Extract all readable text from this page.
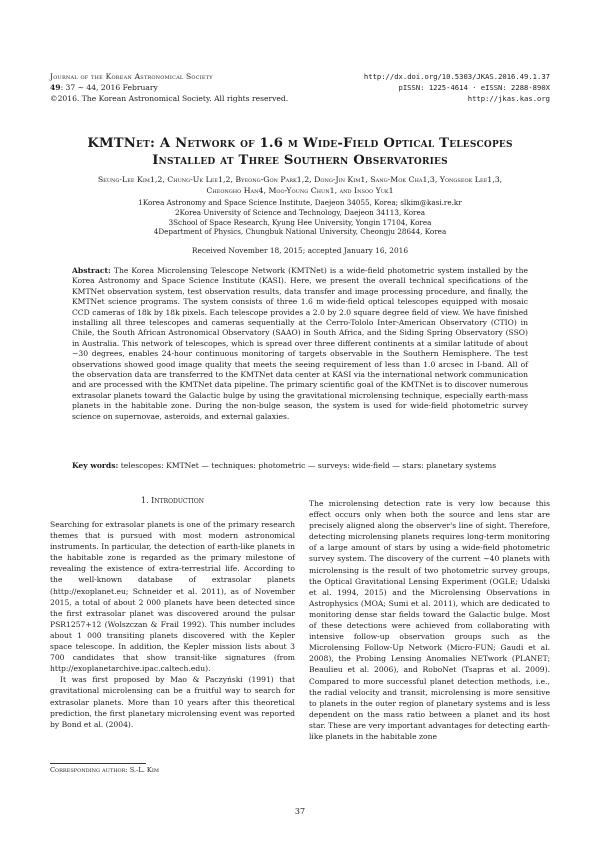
Journal of the Korean Astronomical Society
49: 37 ∼ 44, 2016 February
©2016. The Korean Astronomical Society. All rights reserved.
http://dx.doi.org/10.5303/JKAS.2016.49.1.37
pISSN: 1225-4614 · eISSN: 2288-890X
http://jkas.kas.org
KMTNet: A Network of 1.6 m Wide-Field Optical Telescopes
Installed at Three Southern Observatories
Seung-Lee Kim1,2, Chung-Uk Lee1,2, Byeong-Gon Park1,2, Dong-Jin Kim1, Sang-Mok Cha1,3, Yongseok Lee1,3,
Cheongho Han4, Moo-Young Chun1, and Insoo Yuk1
1Korea Astronomy and Space Science Institute, Daejeon 34055, Korea; slkim@kasi.re.kr
2Korea University of Science and Technology, Daejeon 34113, Korea
3School of Space Research, Kyung Hee University, Yongin 17104, Korea
4Department of Physics, Chungbuk National University, Cheongju 28644, Korea
Received November 18, 2015; accepted January 16, 2016
Abstract: The Korea Microlensing Telescope Network (KMTNet) is a wide-field photometric system installed by the Korea Astronomy and Space Science Institute (KASI). Here, we present the overall technical specifications of the KMTNet observation system, test observation results, data transfer and image processing procedure, and finally, the KMTNet science programs. The system consists of three 1.6 m wide-field optical telescopes equipped with mosaic CCD cameras of 18k by 18k pixels. Each telescope provides a 2.0 by 2.0 square degree field of view. We have finished installing all three telescopes and cameras sequentially at the Cerro-Tololo Inter-American Observatory (CTIO) in Chile, the South African Astronomical Observatory (SAAO) in South Africa, and the Siding Spring Observatory (SSO) in Australia. This network of telescopes, which is spread over three different continents at a similar latitude of about −30 degrees, enables 24-hour continuous monitoring of targets observable in the Southern Hemisphere. The test observations showed good image quality that meets the seeing requirement of less than 1.0 arcsec in I-band. All of the observation data are transferred to the KMTNet data center at KASI via the international network communication and are processed with the KMTNet data pipeline. The primary scientific goal of the KMTNet is to discover numerous extrasolar planets toward the Galactic bulge by using the gravitational microlensing technique, especially earth-mass planets in the habitable zone. During the non-bulge season, the system is used for wide-field photometric survey science on supernovae, asteroids, and external galaxies.
Key words: telescopes: KMTNet — techniques: photometric — surveys: wide-field — stars: planetary systems
1. Introduction

Searching for extrasolar planets is one of the primary research themes that is pursued with most modern astronomical instruments. In particular, the detection of earth-like planets in the habitable zone is regarded as the primary milestone of revealing the existence of extra-terrestrial life. According to the well-known database of extrasolar planets (http://exoplanet.eu; Schneider et al. 2011), as of November 2015, a total of about 2 000 planets have been detected since the first extrasolar planet was discovered around the pulsar PSR1257+12 (Wolszczan & Frail 1992). This number includes about 1 000 transiting planets discovered with the Kepler space telescope. In addition, the Kepler mission lists about 3 700 candidates that show transit-like signatures (from http://exoplanetarchive.ipac.caltech.edu).

It was first proposed by Mao & Paczyński (1991) that gravitational microlensing can be a fruitful way to search for extrasolar planets. More than 10 years after this theoretical prediction, the first planetary microlensing event was reported by Bond et al. (2004).

The microlensing detection rate is very low because this effect occurs only when both the source and lens star are precisely aligned along the observer's line of sight. Therefore, detecting microlensing planets requires long-term monitoring of a large amount of stars by using a wide-field photometric survey system. The discovery of the current ∼40 planets with microlensing is the result of two photometric survey groups, the Optical Gravitational Lensing Experiment (OGLE; Udalski et al. 1994, 2015) and the Microlensing Observations in Astrophysics (MOA; Sumi et al. 2011), which are dedicated to monitoring dense star fields toward the Galactic bulge. Most of these detections were achieved from collaborating with intensive follow-up observation groups such as the Microlensing Follow-Up Network (Micro-FUN; Gaudi et al. 2008), the Probing Lensing Anomalies NETwork (PLANET; Beaulieu et al. 2006), and RoboNet (Tsapras et al. 2009). Compared to more successful planet detection methods, i.e., the radial velocity and transit, microlensing is more sensitive to planets in the outer region of planetary systems and is less dependent on the mass ratio between a planet and its host star. These are very important advantages for detecting earth-like planets in the habitable zone

Corresponding author: S.-L. Kim
37
